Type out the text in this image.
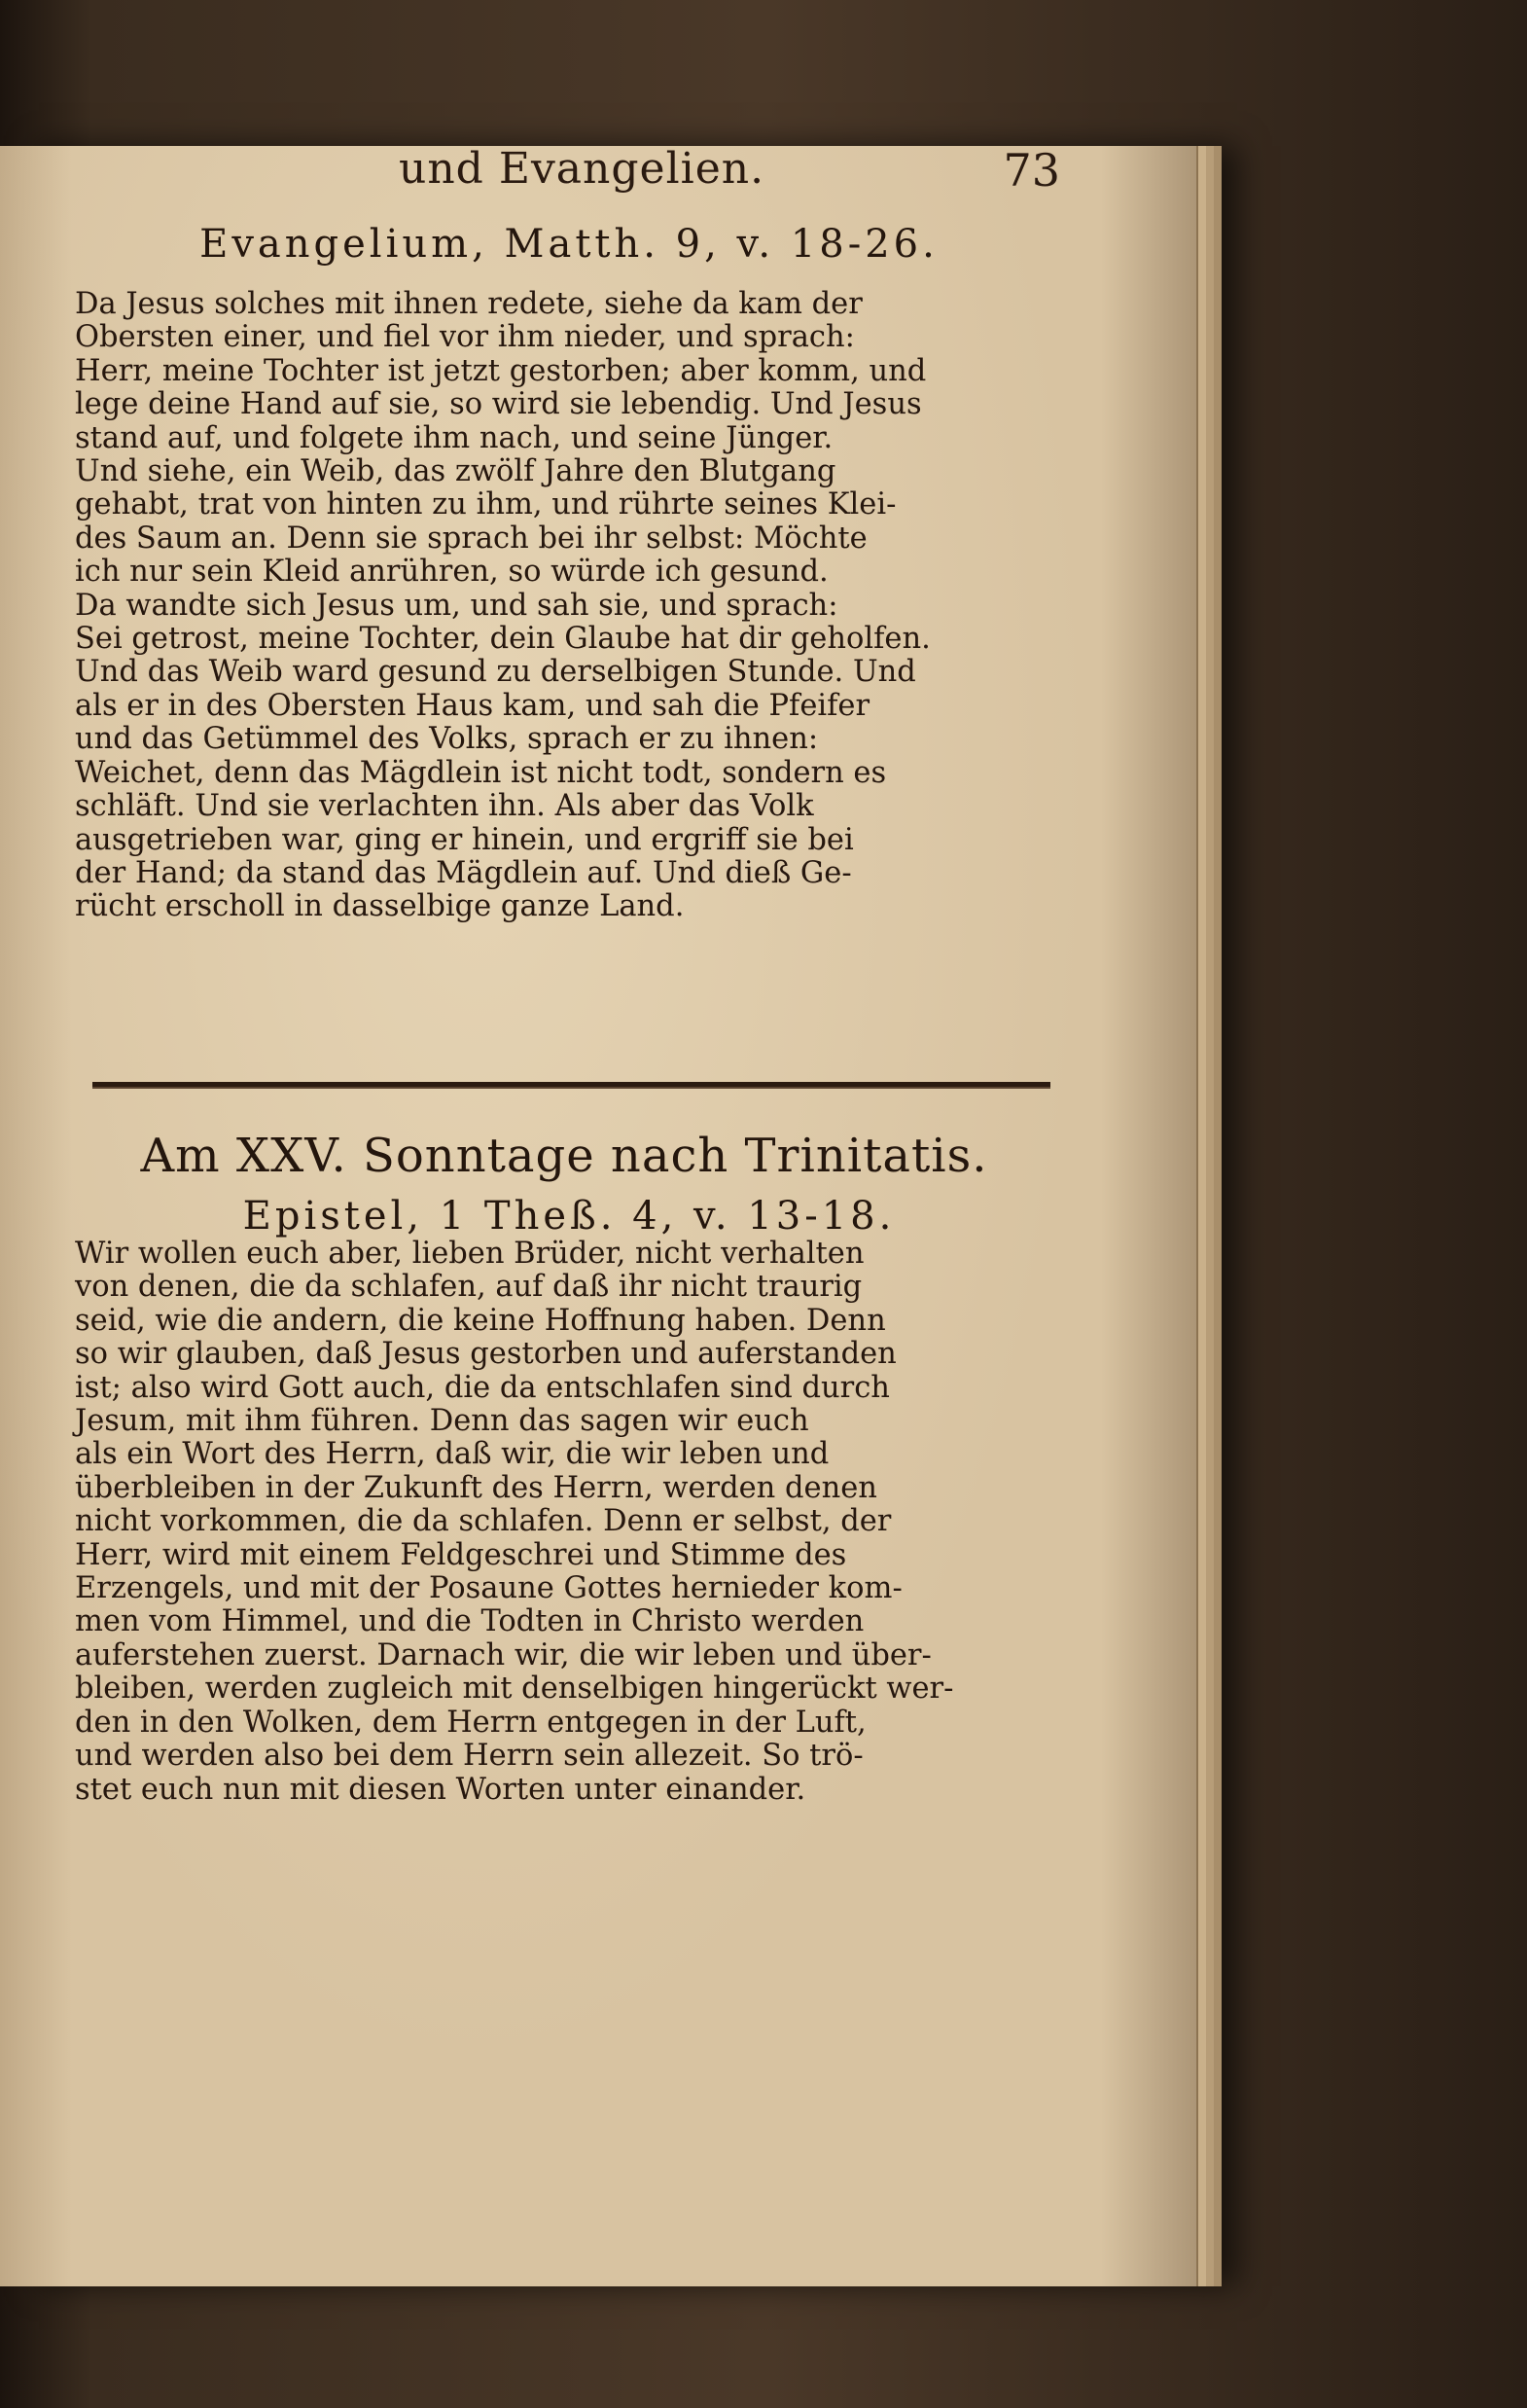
und Evangelien.	73
Evangelium, Matth. 9, v. 18-26.
Da Jesus solches mit ihnen redete, siehe da kam der
Obersten einer, und fiel vor ihm nieder, und sprach:
Herr, meine Tochter ist jetzt gestorben; aber komm, und
lege deine Hand auf sie, so wird sie lebendig. Und Jesus
stand auf, und folgete ihm nach, und seine Jünger.
Und siehe, ein Weib, das zwölf Jahre den Blutgang
gehabt, trat von hinten zu ihm, und rührte seines Klei-
des Saum an. Denn sie sprach bei ihr selbst: Möchte
ich nur sein Kleid anrühren, so würde ich gesund.
Da wandte sich Jesus um, und sah sie, und sprach:
Sei getrost, meine Tochter, dein Glaube hat dir geholfen.
Und das Weib ward gesund zu derselbigen Stunde. Und
als er in des Obersten Haus kam, und sah die Pfeifer
und das Getümmel des Volks, sprach er zu ihnen:
Weichet, denn das Mägdlein ist nicht todt, sondern es
schläft. Und sie verlachten ihn. Als aber das Volk
ausgetrieben war, ging er hinein, und ergriff sie bei
der Hand; da stand das Mägdlein auf. Und dieß Ge-
rücht erscholl in dasselbige ganze Land.
Am XXV. Sonntage nach Trinitatis.
Epistel, 1 Theß. 4, v. 13-18.
Wir wollen euch aber, lieben Brüder, nicht verhalten
von denen, die da schlafen, auf daß ihr nicht traurig
seid, wie die andern, die keine Hoffnung haben. Denn
so wir glauben, daß Jesus gestorben und auferstanden
ist; also wird Gott auch, die da entschlafen sind durch
Jesum, mit ihm führen. Denn das sagen wir euch
als ein Wort des Herrn, daß wir, die wir leben und
überbleiben in der Zukunft des Herrn, werden denen
nicht vorkommen, die da schlafen. Denn er selbst, der
Herr, wird mit einem Feldgeschrei und Stimme des
Erzengels, und mit der Posaune Gottes hernieder kom-
men vom Himmel, und die Todten in Christo werden
auferstehen zuerst. Darnach wir, die wir leben und über-
bleiben, werden zugleich mit denselbigen hingerückt wer-
den in den Wolken, dem Herrn entgegen in der Luft,
und werden also bei dem Herrn sein allezeit. So trö-
stet euch nun mit diesen Worten unter einander.
